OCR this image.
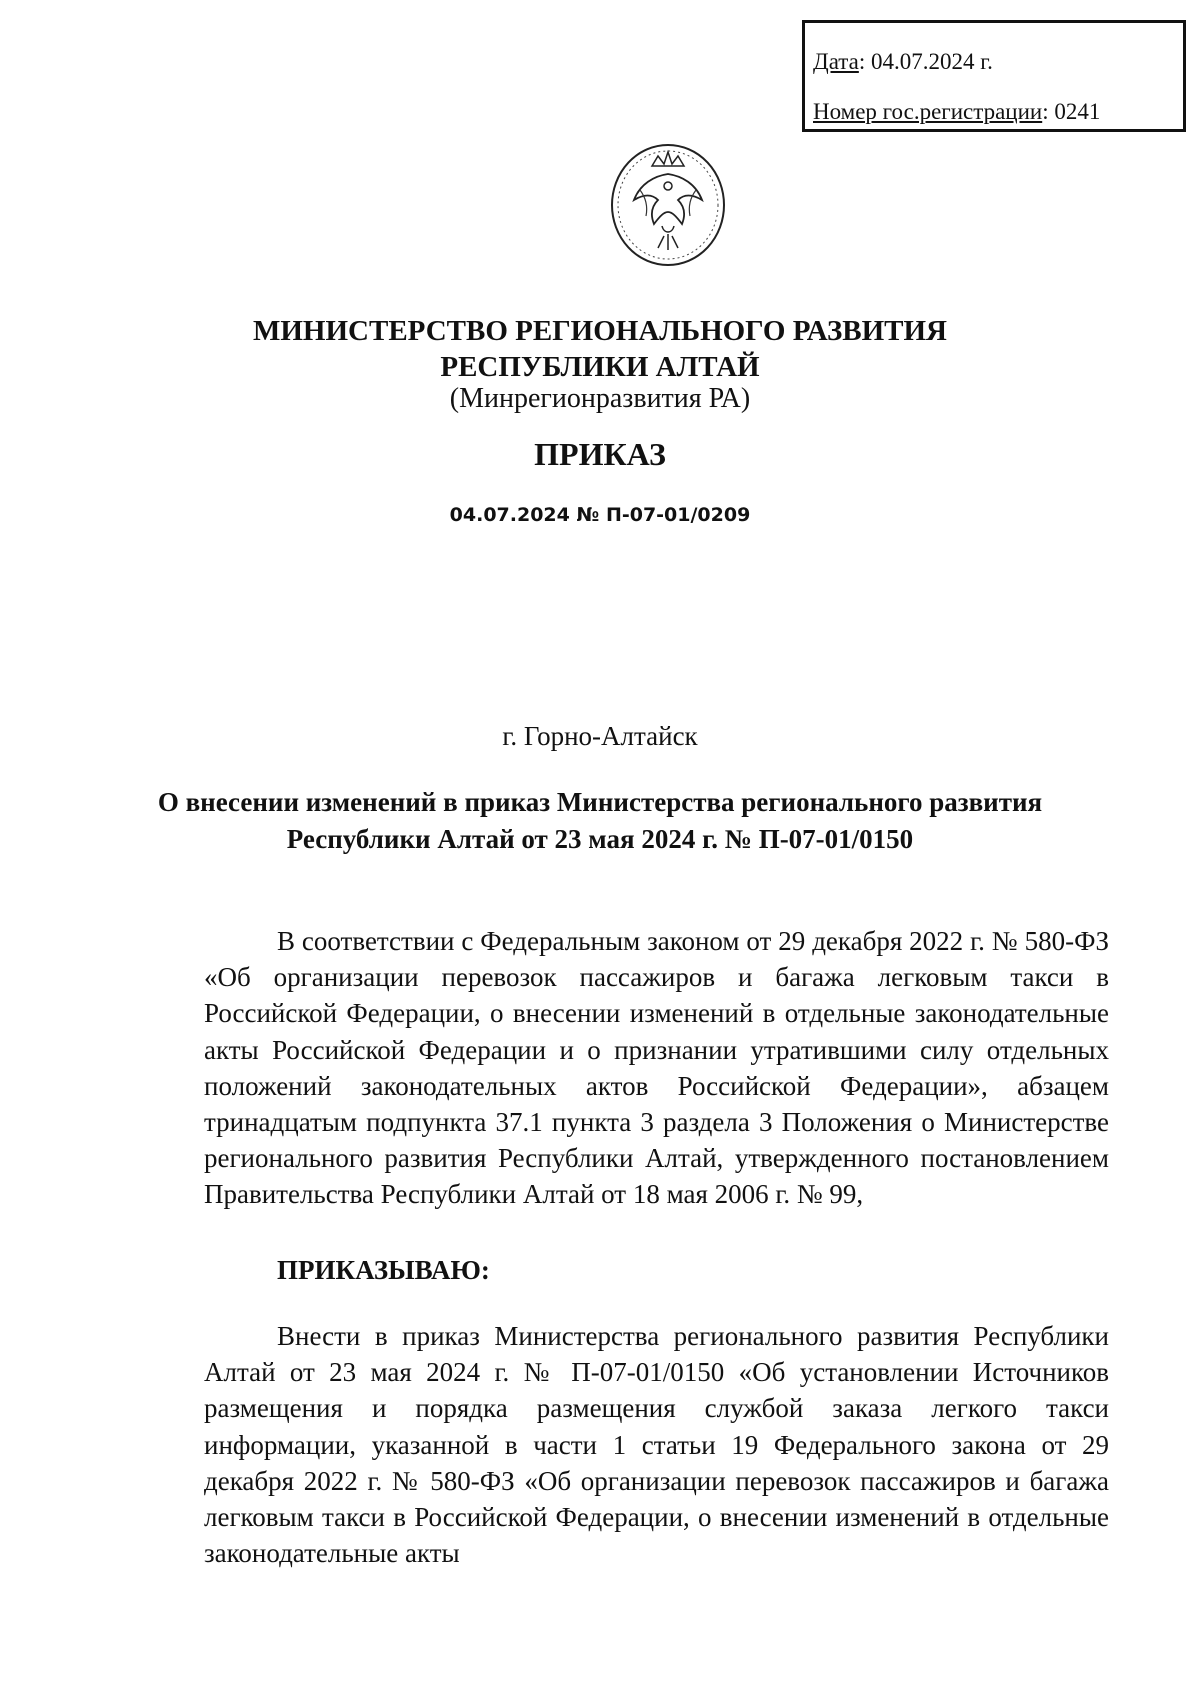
Дата: 04.07.2024 г.
Номер гос.регистрации: 0241
МИНИСТЕРСТВО РЕГИОНАЛЬНОГО РАЗВИТИЯ
РЕСПУБЛИКИ АЛТАЙ
(Минрегионразвития РА)
ПРИКАЗ
04.07.2024 № П-07-01/0209
г. Горно-Алтайск
О внесении изменений в приказ Министерства регионального развития
Республики Алтай от 23 мая 2024 г. № П-07-01/0150

В соответствии с Федеральным законом от 29 декабря 2022 г. № 580-ФЗ «Об организации перевозок пассажиров и багажа легковым такси в Российской Федерации, о внесении изменений в отдельные законодательные акты Российской Федерации и о признании утратившими силу отдельных положений законодательных актов Российской Федерации», абзацем тринадцатым подпункта 37.1 пункта 3 раздела 3 Положения о Министерстве регионального развития Республики Алтай, утвержденного постановлением Правительства Республики Алтай от 18 мая 2006 г. № 99,

ПРИКАЗЫВАЮ:

Внести в приказ Министерства регионального развития Республики Алтай от 23 мая 2024 г. № П-07-01/0150 «Об установлении Источников размещения и порядка размещения службой заказа легкого такси информации, указанной в части 1 статьи 19 Федерального закона от 29 декабря 2022 г. № 580-ФЗ «Об организации перевозок пассажиров и багажа легковым такси в Российской Федерации, о внесении изменений в отдельные законодательные акты
